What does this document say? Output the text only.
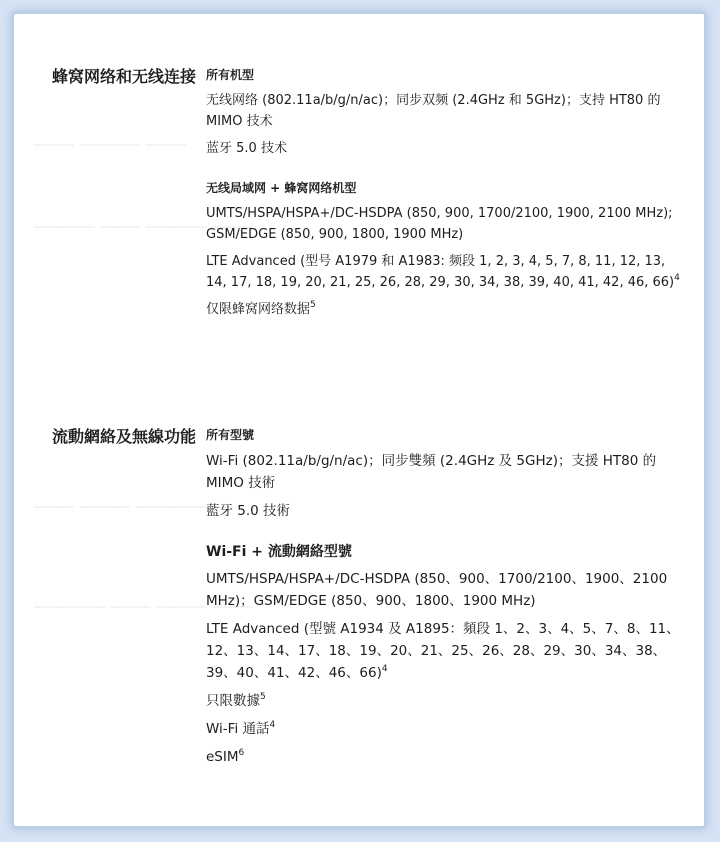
▁▁▁▁ ▁▁▁▁▁▁ ▁▁▁▁
▁▁▁▁▁▁ ▁▁▁▁ ▁▁▁▁▁▁ ▁▁▁▁
▁▁▁▁ ▁▁▁▁▁ ▁▁▁▁▁▁▁ ▁▁▁
▁▁▁▁▁▁▁ ▁▁▁▁ ▁▁▁▁▁ ▁▁▁▁
蜂窝网络和无线连接 所有机型
无线网络 (802.11a/b/g/n/ac)；同步双频 (2.4GHz 和 5GHz)；支持 HT80 的 MIMO 技术
蓝牙 5.0 技术
无线局域网 + 蜂窝网络机型
UMTS/HSPA/HSPA+/DC-HSDPA (850, 900, 1700/2100, 1900, 2100 MHz); GSM/EDGE (850, 900, 1800, 1900 MHz)
LTE Advanced (型号 A1979 和 A1983: 频段 1, 2, 3, 4, 5, 7, 8, 11, 12, 13, 14, 17, 18, 19, 20, 21, 25, 26, 28, 29, 30, 34, 38, 39, 40, 41, 42, 46, 66)$^4$
仅限蜂窝网络数据$^5$
流動網絡及無線功能 所有型號
Wi-Fi (802.11a/b/g/n/ac)；同步雙頻 (2.4GHz 及 5GHz)；支援 HT80 的 MIMO 技術
藍牙 5.0 技術
Wi-Fi + 流動網絡型號
UMTS/HSPA/HSPA+/DC-HSDPA (850、900、1700/2100、1900、2100 MHz)；GSM/EDGE (850、900、1800、1900 MHz)
LTE Advanced (型號 A1934 及 A1895：頻段 1、2、3、4、5、7、8、11、12、13、14、17、18、19、20、21、25、26、28、29、30、34、38、39、40、41、42、46、66)$^4$
只限數據$^5$
Wi-Fi 通話$^4$
eSIM$^6$
